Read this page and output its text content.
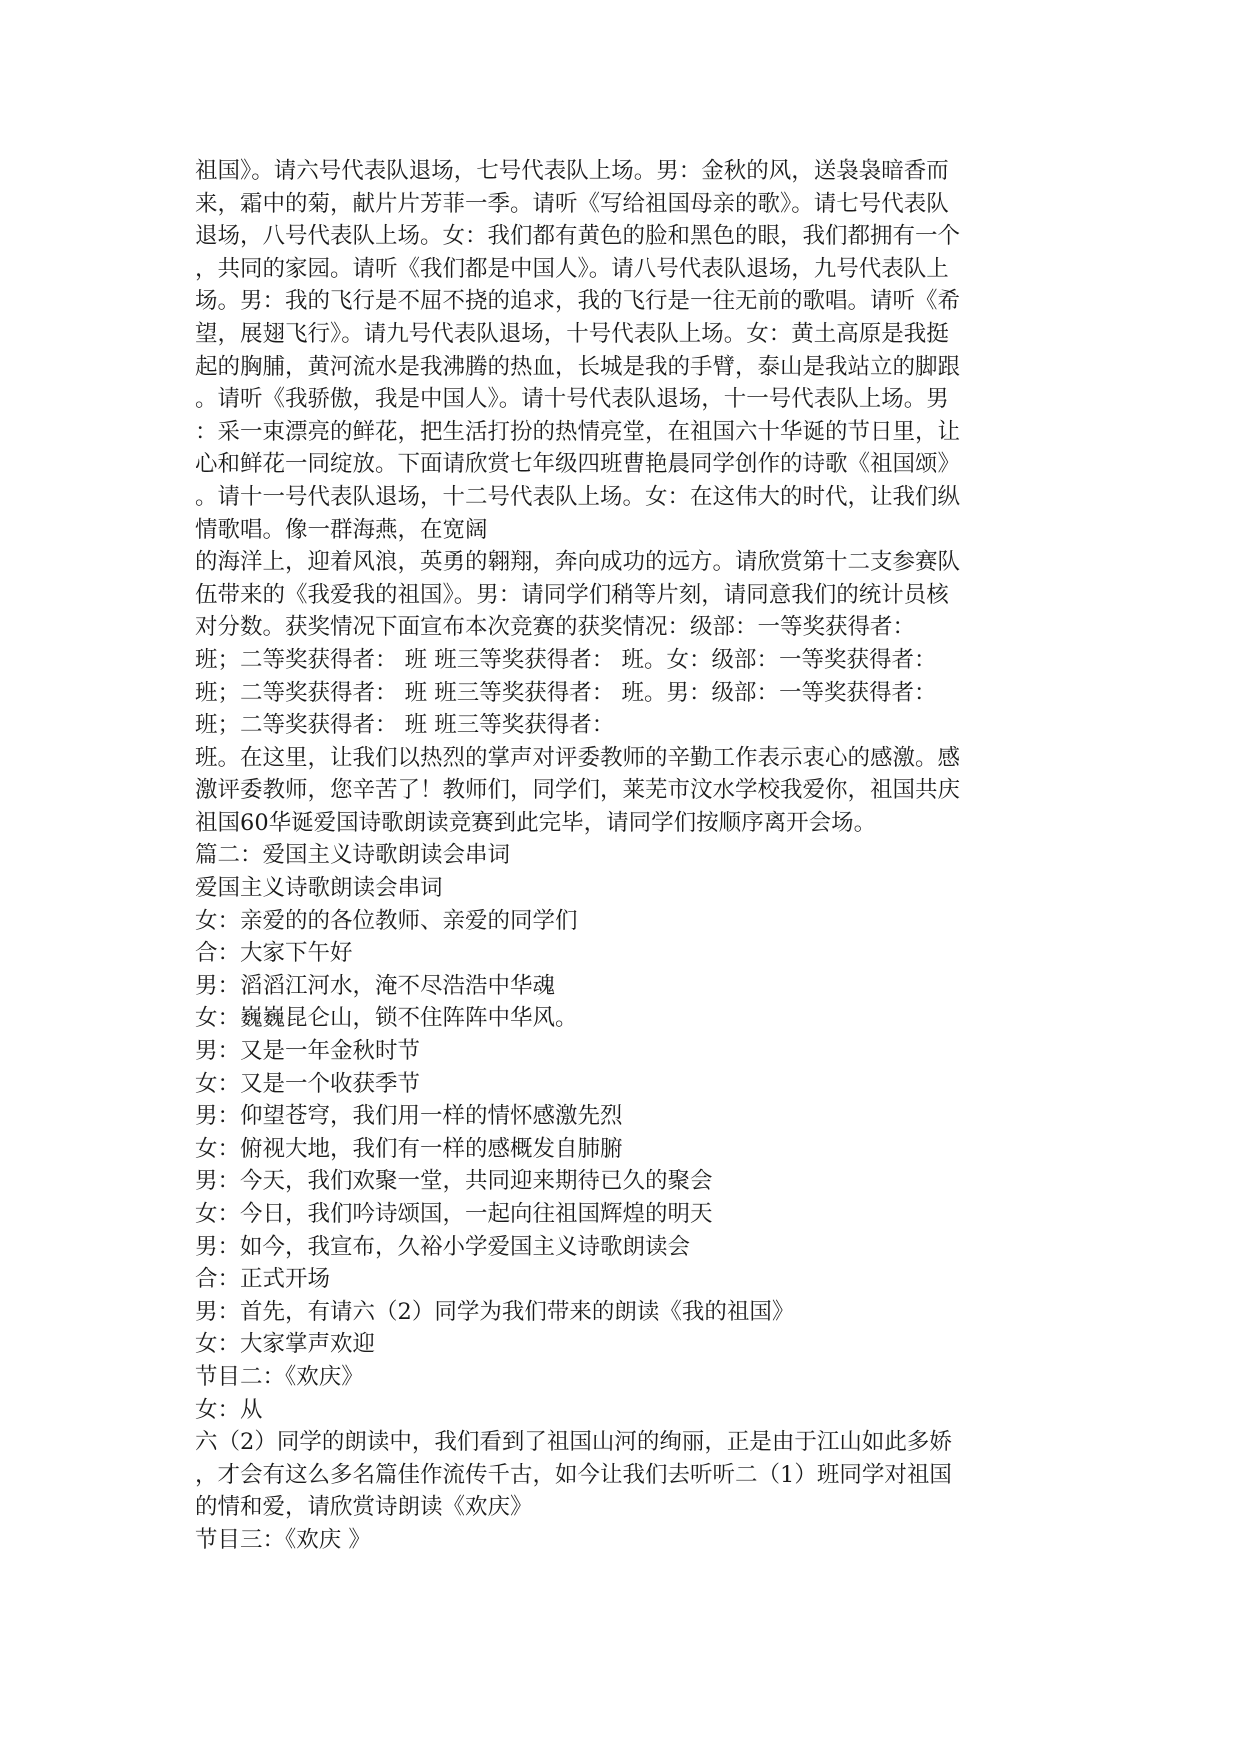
祖国》。请六号代表队退场，七号代表队上场。男：金秋的风，送袅袅暗香而
来，霜中的菊，献片片芳菲一季。请听《写给祖国母亲的歌》。请七号代表队
退场，八号代表队上场。女：我们都有黄色的脸和黑色的眼，我们都拥有一个
，共同的家园。请听《我们都是中国人》。请八号代表队退场，九号代表队上
场。男：我的飞行是不屈不挠的追求，我的飞行是一往无前的歌唱。请听《希
望，展翅飞行》。请九号代表队退场，十号代表队上场。女：黄土高原是我挺
起的胸脯，黄河流水是我沸腾的热血，长城是我的手臂，泰山是我站立的脚跟
。请听《我骄傲，我是中国人》。请十号代表队退场，十一号代表队上场。男
：采一束漂亮的鲜花，把生活打扮的热情亮堂，在祖国六十华诞的节日里，让
心和鲜花一同绽放。下面请欣赏七年级四班曹艳晨同学创作的诗歌《祖国颂》
。请十一号代表队退场，十二号代表队上场。女：在这伟大的时代，让我们纵
情歌唱。像一群海燕，在宽阔
的海洋上，迎着风浪，英勇的翱翔，奔向成功的远方。请欣赏第十二支参赛队
伍带来的《我爱我的祖国》。男：请同学们稍等片刻，请同意我们的统计员核
对分数。获奖情况下面宣布本次竞赛的获奖情况：级部：一等奖获得者：
班；二等奖获得者： 班 班三等奖获得者： 班。女：级部：一等奖获得者：
班；二等奖获得者： 班 班三等奖获得者： 班。男：级部：一等奖获得者：
班；二等奖获得者： 班 班三等奖获得者：
班。在这里，让我们以热烈的掌声对评委教师的辛勤工作表示衷心的感激。感
激评委教师，您辛苦了！教师们，同学们，莱芜市汶水学校我爱你，祖国共庆
祖国60华诞爱国诗歌朗读竞赛到此完毕，请同学们按顺序离开会场。
篇二：爱国主义诗歌朗读会串词
爱国主义诗歌朗读会串词
女：亲爱的的各位教师、亲爱的同学们
合：大家下午好
男：滔滔江河水，淹不尽浩浩中华魂
女：巍巍昆仑山，锁不住阵阵中华风。
男：又是一年金秋时节
女：又是一个收获季节
男：仰望苍穹，我们用一样的情怀感激先烈
女：俯视大地，我们有一样的感概发自肺腑
男：今天，我们欢聚一堂，共同迎来期待已久的聚会
女：今日，我们吟诗颂国，一起向往祖国辉煌的明天
男：如今，我宣布，久裕小学爱国主义诗歌朗读会
合：正式开场
男：首先，有请六（2）同学为我们带来的朗读《我的祖国》
女：大家掌声欢迎
节目二：《欢庆》
女：从
六（2）同学的朗读中，我们看到了祖国山河的绚丽，正是由于江山如此多娇
，才会有这么多名篇佳作流传千古，如今让我们去听听二（1）班同学对祖国
的情和爱，请欣赏诗朗读《欢庆》
节目三：《欢庆 》
